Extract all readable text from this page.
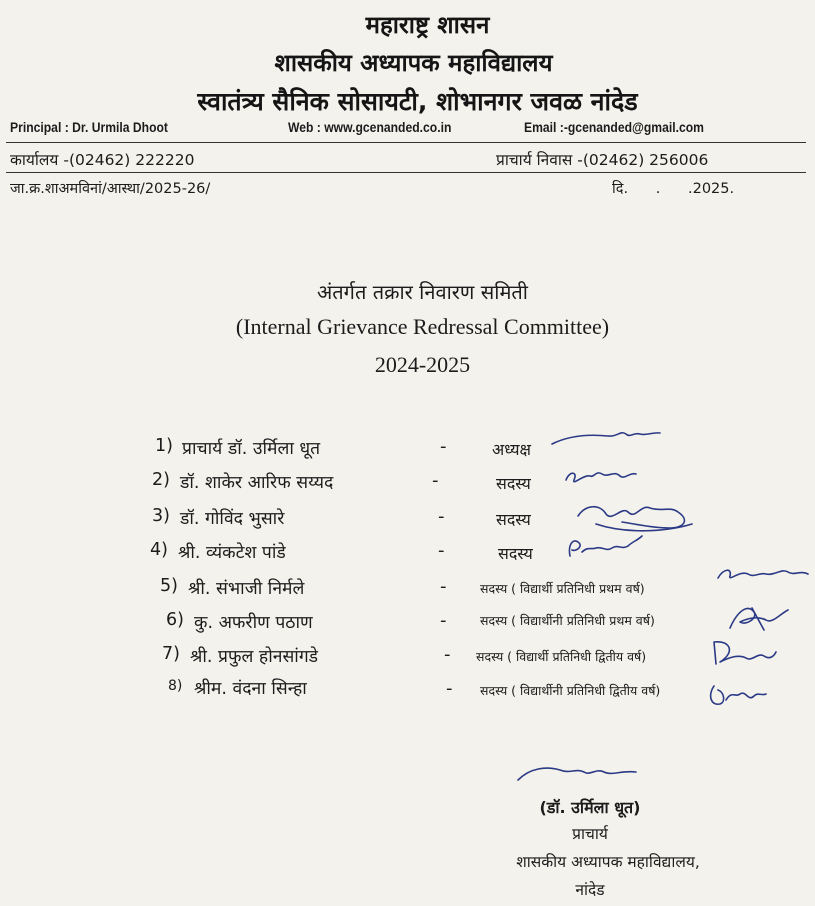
महाराष्ट्र शासन
शासकीय अध्यापक महाविद्यालय
स्वातंत्र्य सैनिक सोसायटी, शोभानगर जवळ नांदेड
Principal : Dr. Urmila Dhoot	Web : www.gcenanded.co.in	Email :-gcenanded@gmail.com
कार्यालय -(02462) 222220	प्राचार्य निवास -(02462) 256006
जा.क्र.शाअमविनां/आस्था/2025-26/	दि.      .      .2025.
अंतर्गत तक्रार निवारण समिती
(Internal Grievance Redressal Committee)
2024-2025
1) प्राचार्य डॉ. उर्मिला धूत	-	अध्यक्ष
2) डॉ. शाकेर आरिफ सय्यद	-	सदस्य
3) डॉ. गोविंद भुसारे	-	सदस्य
4) श्री. व्यंकटेश पांडे	-	सदस्य
5) श्री. संभाजी निर्मले	-	सदस्य ( विद्यार्थी प्रतिनिधी प्रथम वर्ष)
6) कु. अफरीण पठाण	-	सदस्य ( विद्यार्थीनी प्रतिनिधी प्रथम वर्ष)
7) श्री. प्रफुल होनसांगडे	- सदस्य ( विद्यार्थी प्रतिनिधी द्वितीय वर्ष)
8) श्रीम. वंदना सिन्हा	- सदस्य ( विद्यार्थीनी प्रतिनिधी द्वितीय वर्ष)
(डॉ. उर्मिला धूत)
प्राचार्य
शासकीय अध्यापक महाविद्यालय,
नांदेड
